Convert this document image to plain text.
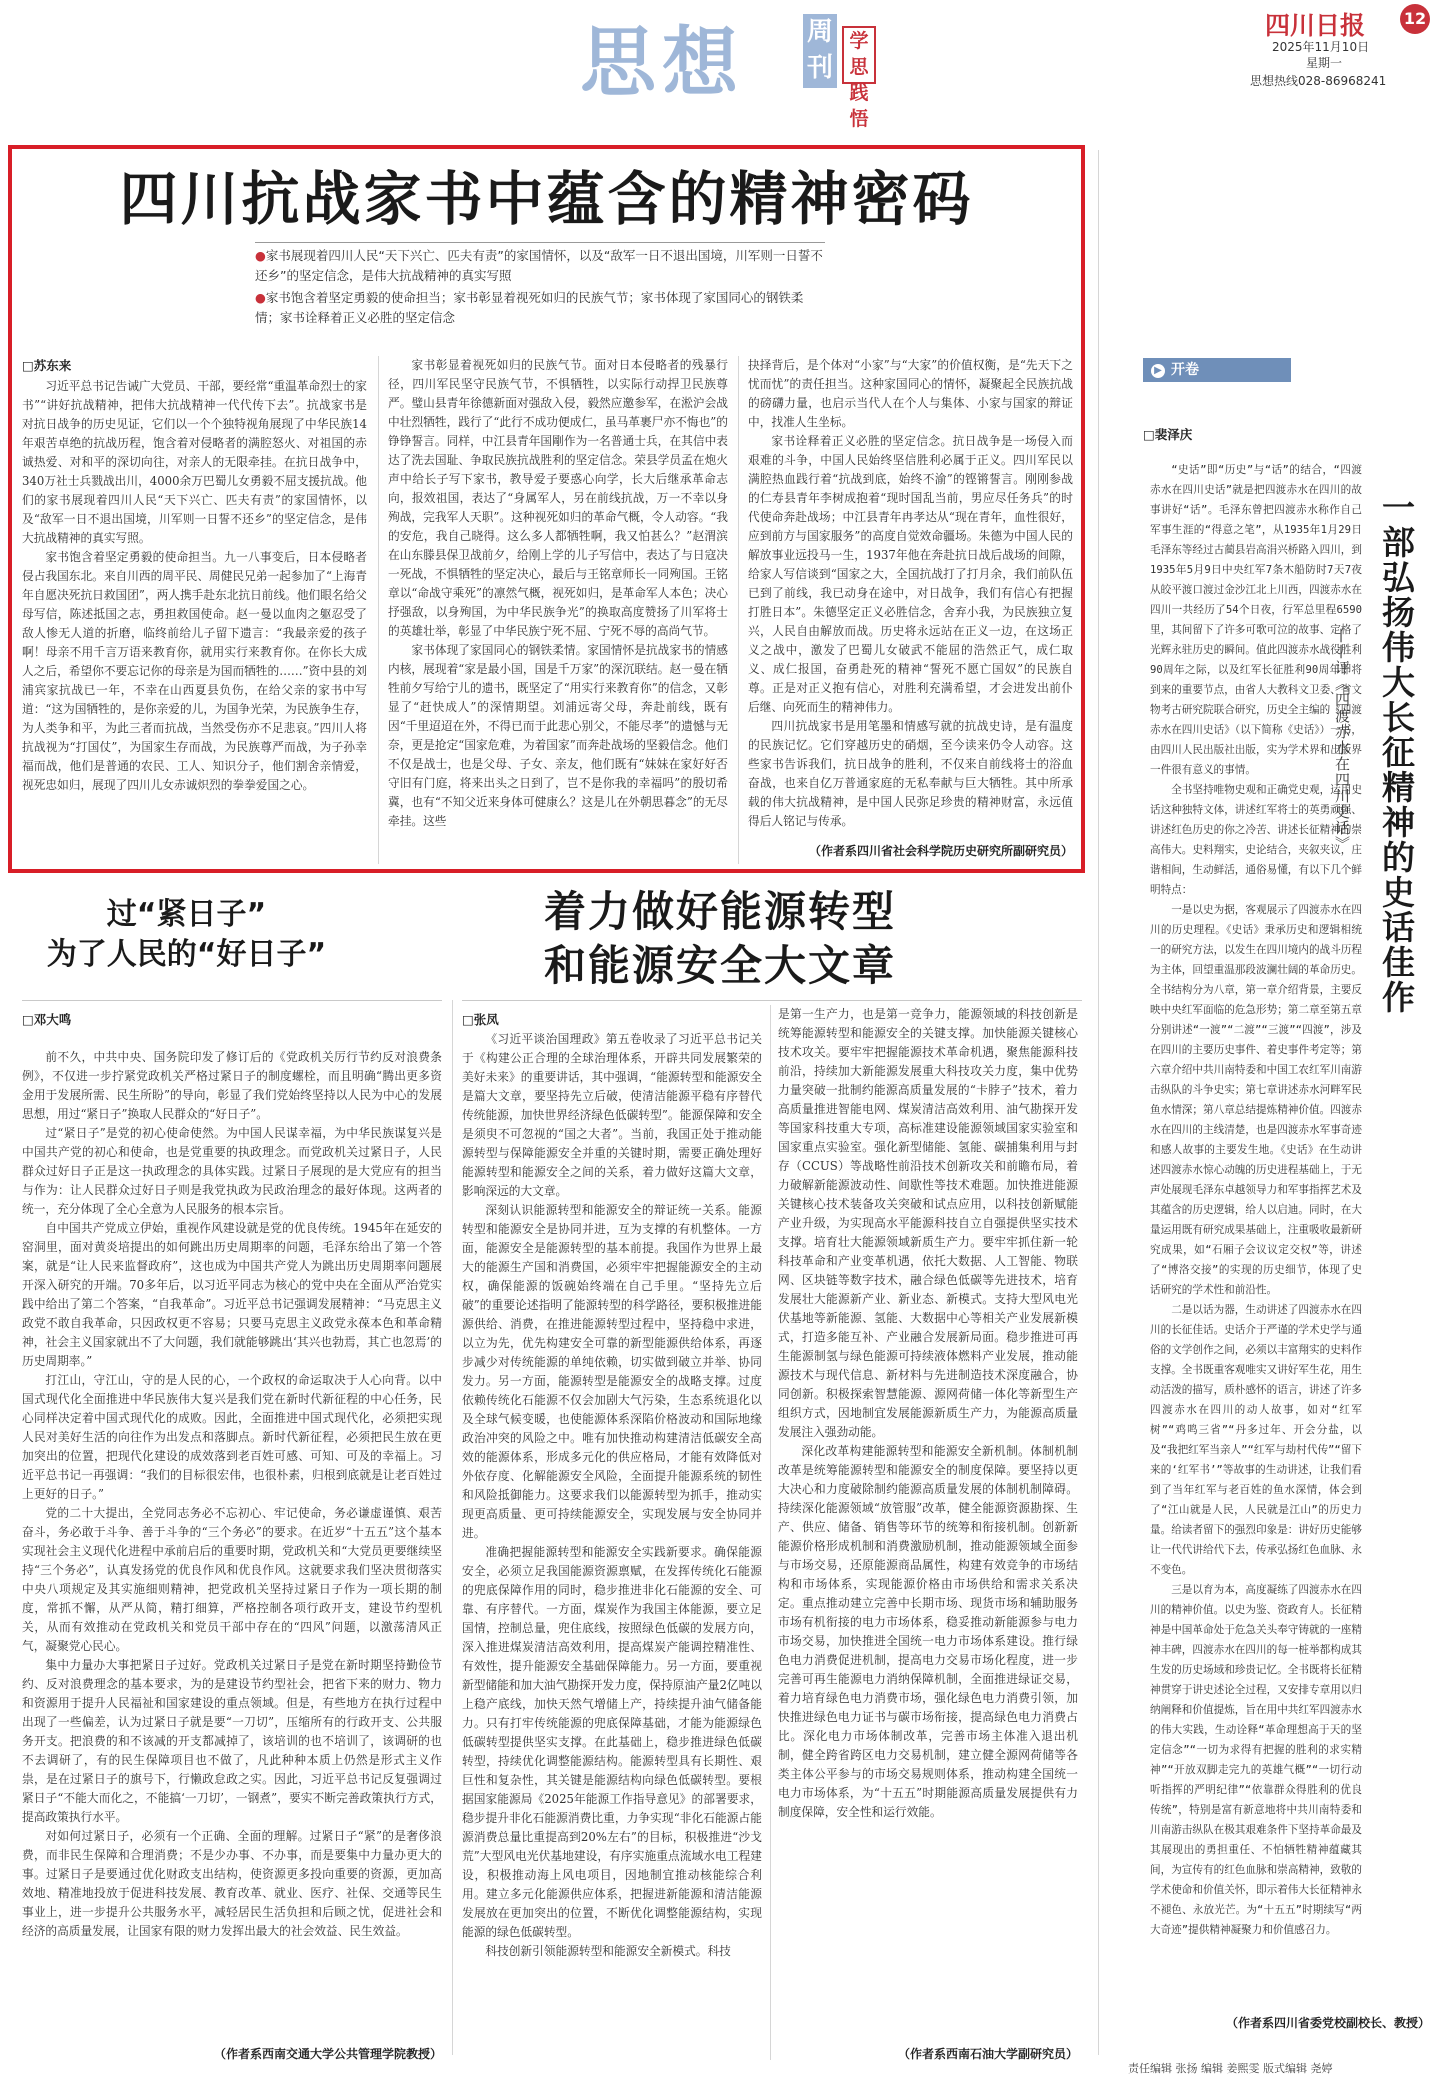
思想 周刊
学思践悟
四川日报 12
2025年11月10日
星期一
思想热线028-86968241
四川抗战家书中蕴含的精神密码

●家书展现着四川人民“天下兴亡、匹夫有责”的家国情怀，以及“敌军一日不退出国境，川军则一日誓不还乡”的坚定信念，是伟大抗战精神的真实写照

●家书饱含着坚定勇毅的使命担当；家书彰显着视死如归的民族气节；家书体现了家国同心的钢铁柔情；家书诠释着正义必胜的坚定信念

□苏东来

习近平总书记告诫广大党员、干部，要经常“重温革命烈士的家书”“讲好抗战精神，把伟大抗战精神一代代传下去”。抗战家书是对抗日战争的历史见证，它们以一个个独特视角展现了中华民族14年艰苦卓绝的抗战历程，饱含着对侵略者的满腔怒火、对祖国的赤诚热爱、对和平的深切向往，对亲人的无限牵挂。在抗日战争中，340万社士兵戮战出川，4000余万巴蜀儿女勇毅不屈支援抗战。他们的家书展现着四川人民“天下兴亡、匹夫有责”的家国情怀，以及“敌军一日不退出国境，川军则一日誓不还乡”的坚定信念，是伟大抗战精神的真实写照。

家书饱含着坚定勇毅的使命担当。九一八事变后，日本侵略者侵占我国东北。来自川西的周平民、周健民兄弟一起参加了“上海青年自愿决死抗日救国团”，两人携手赴东北抗日前线。他们眼名给父母写信，陈述抵国之志，勇担救国使命。赵一曼以血肉之躯忍受了敌人惨无人道的折磨，临终前给儿子留下遗言：“我最亲爱的孩子啊！母亲不用千言万语来教育你，就用实行来教育你。在你长大成人之后，希望你不要忘记你的母亲是为国而牺牲的……”资中县的刘浦宾家抗战已一年，不幸在山西夏县负伤，在给父亲的家书中写道：“这为国牺牲的，是你亲爱的儿，为国争光荣，为民族争生存，为人类争和平，为此三者而抗战，当然受伤亦不足悲哀。”四川人将抗战视为“打国仗”，为国家生存而战，为民族尊严而战，为子孙幸福而战，他们是普通的农民、工人、知识分子，他们割舍亲情爱，视死忠如归，展现了四川儿女赤诚炽烈的拳拳爱国之心。

家书彰显着视死如归的民族气节。面对日本侵略者的残暴行径，四川军民坚守民族气节，不惧牺牲，以实际行动捍卫民族尊严。璧山县青年徐德新面对强敌入侵，毅然应邀参军，在淞沪会战中壮烈牺牲，践行了“此行不成功便成仁，虽马革裹尸亦不悔也”的铮铮誓言。同样，中江县青年国剛作为一名普通士兵，在其信中表达了洗去国耻、争取民族抗战胜利的坚定信念。荣县学员孟在炮火声中给长子写下家书，教导爱子要惑心向学，长大后继承革命志向，报效祖国，表达了“身属军人，另在前线抗战，万一不幸以身殉战，完我军人天职”。这种视死如归的革命气概，令人动容。“我的安危，我自己晓得。这么多人都牺牲啊，我又怕甚么？”赵渭滨在山东滕县保卫战前夕，给刚上学的儿子写信中，表达了与日寇决一死战，不惧牺牲的坚定决心，最后与王铭章师长一同殉国。王铭章以“命战守乘死”的凛然气概，视死如归，是革命军人本色；决心抒强敌，以身殉国，为中华民族争光”的换取高度赞扬了川军将士的英雄壮举，彰显了中华民族宁死不屈、宁死不辱的高尚气节。

家书体现了家国同心的钢铁柔情。家国情怀是抗战家书的情感内核，展现着“家是最小国，国是千万家”的深沉联结。赵一曼在牺牲前夕写给宁儿的遗书，既坚定了“用实行来教育你”的信念，又彰显了“赶快成人”的深情期望。刘浦远寄父母，奔赴前线，既有因“千里迢迢在外，不得已而于此悲心别父，不能尽孝”的遗憾与无奈，更是抢定“国家危难，为着国家”而奔赴战场的坚毅信念。他们不仅是战士，也是父母、子女、亲友，他们既有“妹妹在家好好否守旧有门庭，将来出头之日到了，岂不是你我的幸福吗”的殷切希冀，也有“不知父近来身体可健康么？这是儿在外朝思暮念”的无尽牵挂。这些

抉择背后，是个体对“小家”与“大家”的价值权衡，是“先天下之忧而忧”的责任担当。这种家国同心的情怀，凝聚起全民族抗战的磅礴力量，也启示当代人在个人与集体、小家与国家的辩证中，找准人生坐标。

家书诠释着正义必胜的坚定信念。抗日战争是一场侵入而艰难的斗争，中国人民始终坚信胜利必属于正义。四川军民以满腔热血践行着“抗战到底，始终不渝”的铿锵誓言。刚刚参战的仁寿县青年李树成抱着“现时国乱当前，男应尽任务兵”的时代使命奔赴战场；中江县青年冉孝达从“现在青年，血性很好，应到前方与国家服务”的高度自觉效命疆场。朱德为中国人民的解放事业远投马一生，1937年他在奔赴抗日战后战场的间隙，给家人写信谈到“国家之大，全国抗战打了打月余，我们前队伍已到了前线，我已动身在途中，对日战争，我们有信心有把握打胜日本”。朱德坚定正义必胜信念，舍弃小我，为民族独立复兴，人民自由解放而战。历史将永远站在正义一边，在这场正义之战中，激发了巴蜀儿女破武不能屈的浩然正气，成仁取义、成仁报国，奋勇赴死的精神“誓死不愿亡国奴”的民族自尊。正是对正义抱有信心，对胜利充满希望，才会进发出前仆后继、向死而生的精神伟力。

四川抗战家书是用笔墨和情感写就的抗战史诗，是有温度的民族记忆。它们穿越历史的硝烟，至今读来仍令人动容。这些家书告诉我们，抗日战争的胜利，不仅来自前线将士的浴血奋战，也来自亿万普通家庭的无私奉献与巨大牺牲。其中所承载的伟大抗战精神，是中国人民弥足珍贵的精神财富，永远值得后人铭记与传承。

（作者系四川省社会科学院历史研究所副研究员）
过“紧日子”
为了人民的“好日子”
□邓大鸣

前不久，中共中央、国务院印发了修订后的《党政机关厉行节约反对浪费条例》，不仅进一步拧紧党政机关严格过紧日子的制度螺栓，而且明确“腾出更多资金用于发展所需、民生所盼”的导向，彰显了我们党始终坚持以人民为中心的发展思想，用过“紧日子”换取人民群众的“好日子”。

过“紧日子”是党的初心使命使然。为中国人民谋幸福，为中华民族谋复兴是中国共产党的初心和使命，也是党重要的执政理念。而党政机关过紧日子，人民群众过好日子正是这一执政理念的具体实践。过紧日子展现的是大党应有的担当与作为：让人民群众过好日子则是我党执政为民政治理念的最好体现。这两者的统一，充分体现了全心全意为人民服务的根本宗旨。

自中国共产党成立伊始，重视作风建设就是党的优良传统。1945年在延安的窑洞里，面对黄炎培提出的如何跳出历史周期率的问题，毛泽东给出了第一个答案，就是“让人民来监督政府”，这也成为中国共产党人为跳出历史周期率问题展开深入研究的开端。70多年后，以习近平同志为核心的党中央在全面从严治党实践中给出了第二个答案，“自我革命”。习近平总书记强调发展精神：“马克思主义政党不敢自我革命，只因政权更不容易；只要马克思主义政党永葆本色和革命精神，社会主义国家就出不了大问题，我们就能够跳出‘其兴也勃焉，其亡也忽焉’的历史周期率。”

打江山，守江山，守的是人民的心，一个政权的命运取决于人心向背。以中国式现代化全面推进中华民族伟大复兴是我们党在新时代新征程的中心任务，民心同样决定着中国式现代化的成败。因此，全面推进中国式现代化，必须把实现人民对美好生活的向往作为出发点和落脚点。新时代新征程，必须把民生放在更加突出的位置，把现代化建设的成效落到老百姓可感、可知、可及的幸福上。习近平总书记一再强调：“我们的目标很宏伟，也很朴素，归根到底就是让老百姓过上更好的日子。”

党的二十大提出，全党同志务必不忘初心、牢记使命，务必谦虚谨慎、艰苦奋斗，务必敢于斗争、善于斗争的“三个务必”的要求。在近岁“十五五”这个基本实现社会主义现代化进程中承前启后的重要时期，党政机关和“大党员更要继续坚持“三个务必”，认真发扬党的优良作风和优良作风。这就要求我们坚决贯彻落实中央八项规定及其实施细则精神，把党政机关坚持过紧日子作为一项长期的制度，常抓不懈，从严从简，精打细算，严格控制各项行政开支，建设节约型机关，从而有效推动在党政机关和党员干部中存在的“四风”问题，以激荡清风正气，凝聚党心民心。

集中力量办大事把紧日子过好。党政机关过紧日子是党在新时期坚持勤俭节约、反对浪费理念的基本要求，为的是建设节约型社会，把省下来的财力、物力和资源用于提升人民福祉和国家建设的重点领域。但是，有些地方在执行过程中出现了一些偏差，认为过紧日子就是要“一刀切”，压缩所有的行政开支、公共服务开支。把浪费的和不该减的开支都减掉了，该培训的也不培训了，该调研的也不去调研了，有的民生保障项目也不做了，凡此种种本质上仍然是形式主义作祟，是在过紧日子的旗号下，行懒政怠政之实。因此，习近平总书记反复强调过紧日子“不能大而化之，不能搞‘一刀切’，一钢煮”，要实不断完善政策执行方式，提高政策执行水平。

对如何过紧日子，必须有一个正确、全面的理解。过紧日子“紧”的是奢侈浪费，而非民生保障和合理消费；不是少办事、不办事，而是要集中力量办更大的事。过紧日子是要通过优化财政支出结构，使资源更多投向重要的资源，更加高效地、精准地投放于促进科技发展、教育改革、就业、医疗、社保、交通等民生事业上，进一步提升公共服务水平，减轻居民生活负担和后顾之忧，促进社会和经济的高质量发展，让国家有限的财力发挥出最大的社会效益、民生效益。

（作者系西南交通大学公共管理学院教授）
着力做好能源转型
和能源安全大文章
□张凤

《习近平谈治国理政》第五卷收录了习近平总书记关于《构建公正合理的全球治理体系，开辟共同发展繁荣的美好未来》的重要讲话，其中强调，“能源转型和能源安全是篇大文章，要坚持先立后破，使清洁能源平稳有序替代传统能源，加快世界经济绿色低碳转型”。能源保障和安全是须臾不可忽视的“国之大者”。当前，我国正处于推动能源转型与保障能源安全并重的关键时期，需要正确处理好能源转型和能源安全之间的关系，着力做好这篇大文章，影响深远的大文章。

深刻认识能源转型和能源安全的辩证统一关系。能源转型和能源安全是协同并进，互为支撑的有机整体。一方面，能源安全是能源转型的基本前提。我国作为世界上最大的能源生产国和消费国，必须牢牢把握能源安全的主动权，确保能源的饭碗始终端在自己手里。“坚持先立后破”的重要论述指明了能源转型的科学路径，要积极推进能源供给、消费，在推进能源转型过程中，坚持稳中求进，以立为先，优先构建安全可靠的新型能源供给体系，再逐步减少对传统能源的单纯依赖，切实做到破立并举、协同发力。另一方面，能源转型是能源安全的战略支撑。过度依赖传统化石能源不仅会加剧大气污染，生态系统退化以及全球气候变暖，也使能源体系深陷价格波动和国际地缘政治冲突的风险之中。唯有加快推动构建清洁低碳安全高效的能源体系，形成多元化的供应格局，才能有效降低对外依存度、化解能源安全风险，全面提升能源系统的韧性和风险抵御能力。这要求我们以能源转型为抓手，推动实现更高质量、更可持续能源安全，实现发展与安全协同并进。

准确把握能源转型和能源安全实践新要求。确保能源安全，必须立足我国能源资源禀赋，在发挥传统化石能源的兜底保障作用的同时，稳步推进非化石能源的安全、可靠、有序替代。一方面，煤炭作为我国主体能源，要立足国情，控制总量，兜住底线，按照绿色低碳的发展方向，深入推进煤炭清洁高效利用，提高煤炭产能调控精准性、有效性，提升能源安全基础保障能力。另一方面，要重视新型储能和加大油气勘探开发力度，保持原油产量2亿吨以上稳产底线，加快天然气增储上产，持续提升油气储备能力。只有打牢传统能源的兜底保障基础，才能为能源绿色低碳转型提供坚实支撑。在此基础上，稳步推进绿色低碳转型，持续优化调整能源结构。能源转型具有长期性、艰巨性和复杂性，其关键是能源结构向绿色低碳转型。要根据国家能源局《2025年能源工作指导意见》的部署要求，稳步提升非化石能源消费比重，力争实现“非化石能源占能源消费总量比重提高到20%左右”的目标，积极推进“沙戈荒”大型风电光伏基地建设，有序实施重点流域水电工程建设，积极推动海上风电项目，因地制宜推动核能综合利用。建立多元化能源供应体系，把握进新能源和清洁能源发展放在更加突出的位置，不断优化调整能源结构，实现能源的绿色低碳转型。

科技创新引领能源转型和能源安全新模式。科技

是第一生产力，也是第一竞争力，能源领域的科技创新是统筹能源转型和能源安全的关键支撑。加快能源关键核心技术攻关。要牢牢把握能源技术革命机遇，聚焦能源科技前沿，持续加大新能源发展重大科技攻关力度，集中优势力量突破一批制约能源高质量发展的“卡脖子”技术，着力高质量推进智能电网、煤炭清洁高效利用、油气勘探开发等国家科技重大专项，高标准建设能源领域国家实验室和国家重点实验室。强化新型储能、氢能、碳捕集利用与封存（CCUS）等战略性前沿技术创新攻关和前瞻布局，着力破解新能源波动性、间歇性等技术难题。加快推进能源关键核心技术装备攻关突破和试点应用，以科技创新赋能产业升级，为实现高水平能源科技自立自强提供坚实技术支撑。培育壮大能源领域新质生产力。要牢牢抓住新一轮科技革命和产业变革机遇，依托大数据、人工智能、物联网、区块链等数字技术，融合绿色低碳等先进技术，培育发展壮大能源新产业、新业态、新模式。支持大型风电光伏基地等新能源、氢能、大数据中心等相关产业发展新模式，打造多能互补、产业融合发展新局面。稳步推进可再生能源制氢与绿色能源可持续液体燃料产业发展，推动能源技术与现代信息、新材料与先进制造技术深度融合，协同创新。积极探索智慧能源、源网荷储一体化等新型生产组织方式，因地制宜发展能源新质生产力，为能源高质量发展注入强劲动能。

深化改革构建能源转型和能源安全新机制。体制机制改革是统筹能源转型和能源安全的制度保障。要坚持以更大决心和力度破除制约能源高质量发展的体制机制障碍。持续深化能源领域“放管服”改革，健全能源资源勘探、生产、供应、储备、销售等环节的统筹和衔接机制。创新新能源价格形成机制和消费激励机制，推动能源领域全面参与市场交易，还原能源商品属性，构建有效竞争的市场结构和市场体系，实现能源价格由市场供给和需求关系决定。重点推动建立完善中长期市场、现货市场和辅助服务市场有机衔接的电力市场体系，稳妥推动新能源参与电力市场交易，加快推进全国统一电力市场体系建设。推行绿色电力消费促进机制，提高电力交易市场化程度，进一步完善可再生能源电力消纳保障机制，全面推进绿证交易，着力培育绿色电力消费市场，强化绿色电力消费引领，加快推进绿色电力证书与碳市场衔接，提高绿色电力消费占比。深化电力市场体制改革，完善市场主体准入退出机制，健全跨省跨区电力交易机制，建立健全源网荷储等各类主体公平参与的市场交易规则体系，推动构建全国统一电力市场体系，为“十五五”时期能源高质量发展提供有力制度保障，安全性和运行效能。

（作者系西南石油大学副研究员）
▶ 开卷
□裴泽庆
一部弘扬伟大长征精神的史话佳作
——评《四渡赤水在四川史话》

“史话”即“历史”与“话”的结合，“四渡赤水在四川史话”就是把四渡赤水在四川的故事讲好“话”。毛泽东曾把四渡赤水称作自己军事生涯的“得意之笔”，从1935年1月29日毛泽东等经过古蔺县岩高涓兴桥路入四川，到1935年5月9日中央红军7条木船防时7天7夜从皎平渡口渡过金沙江北上川西，四渡赤水在四川一共经历了54个日夜，行军总里程6590里，其间留下了许多可歌可泣的故事、定格了光辉永驻历史的瞬间。值此四渡赤水战役胜利90周年之际，以及红军长征胜利90周年即将到来的重要节点，由省人大教科文卫委、省文物考古研究院联合研究，历史全主编的《四渡赤水在四川史话》（以下简称《史话》）一书，由四川人民出版社出版，实为学术界和出版界一件很有意义的事情。

全书坚持唯物史观和正确党史观，运用史话这种独特文体，讲述红军将士的英勇顽强、讲述红色历史的你之冷苦、讲述长征精神的崇高伟大。史料翔实，史论结合，夹叙夹议，庄谐相间，生动鲜活，通俗易懂，有以下几个鲜明特点：

一是以史为据，客观展示了四渡赤水在四川的历史理程。《史话》秉承历史和逻辑相统一的研究方法，以发生在四川境内的战斗历程为主体，回望重温那段波澜壮阔的革命历史。全书结构分为八章，第一章介绍背景，主要反映中央红军面临的危急形势；第二章至第五章分别讲述“一渡”“二渡”“三渡”“四渡”，涉及在四川的主要历史事件、着史事件考定等；第六章介绍中共川南特委和中国工农红军川南游击纵队的斗争史实；第七章讲述赤水河畔军民鱼水情深；第八章总结提炼精神价值。四渡赤水在四川的主线清楚，也是四渡赤水军事奇迹和感人故事的主要发生地。《史话》在生动讲述四渡赤水惊心动魄的历史进程基础上，于无声处展现毛泽东卓越领导力和军事指挥艺术及其蕴含的历史逻辑，给人以启迪。同时，在大量运用既有研究成果基础上，注重吸收最新研究成果，如“石厢子会议议定交权”等，讲述了“博洛交接”的实现的历史细节，体现了史话研究的学术性和前沿性。

二是以话为器，生动讲述了四渡赤水在四川的长征佳话。史话介于严谨的学术史学与通俗的文学创作之间，必须以丰富翔实的史料作支撑。全书既重客观唯实又讲好军生花，用生动活泼的描写，质朴感怀的语言，讲述了许多四渡赤水在四川的动人故事，如对“红军树”“鸡鸣三省”“丹多过年、开会分盐，以及“我把红军当亲人”“红军与劫村代传”“留下来的‘红军书’”等故事的生动讲述，让我们看到了当年红军与老百姓的鱼水深情，体会到了“江山就是人民，人民就是江山”的历史力量。给读者留下的强烈印象是：讲好历史能够让一代代讲给代下去，传承弘扬红色血脉、永不变色。

三是以育为本，高度凝练了四渡赤水在四川的精神价值。以史为鉴、资政育人。长征精神是中国革命处于危急关头奉守铸就的一座精神丰碑，四渡赤水在四川的每一桩举都构成其生发的历史场域和珍贵记忆。全书既将长征精神贯穿于讲史述论全过程，又安排专章用以归纳阐释和价值提炼，旨在用中共红军四渡赤水的伟大实践，生动诠释“革命理想高于天的坚定信念”“一切为求得有把握的胜利的求实精神”“开放双脚走完九的英雄气概”“一切行动听指挥的严明纪律”“依靠群众得胜利的优良传统”，特别是富有新意地将中共川南特委和川南游击纵队在极其艰难条件下坚持革命最及其展现出的勇担重任、不怕牺牲精神蕴藏其间，为宣传有的红色血脉和崇高精神，致敬的学术使命和价值关怀，即示着伟大长征精神永不褪色、永放光芒。为“十五五”时期续写“两大奇迹”提供精神凝聚力和价值感召力。

（作者系四川省委党校副校长、教授）
责任编辑 张扬 编辑 姜熙雯 版式编辑 尧婷
